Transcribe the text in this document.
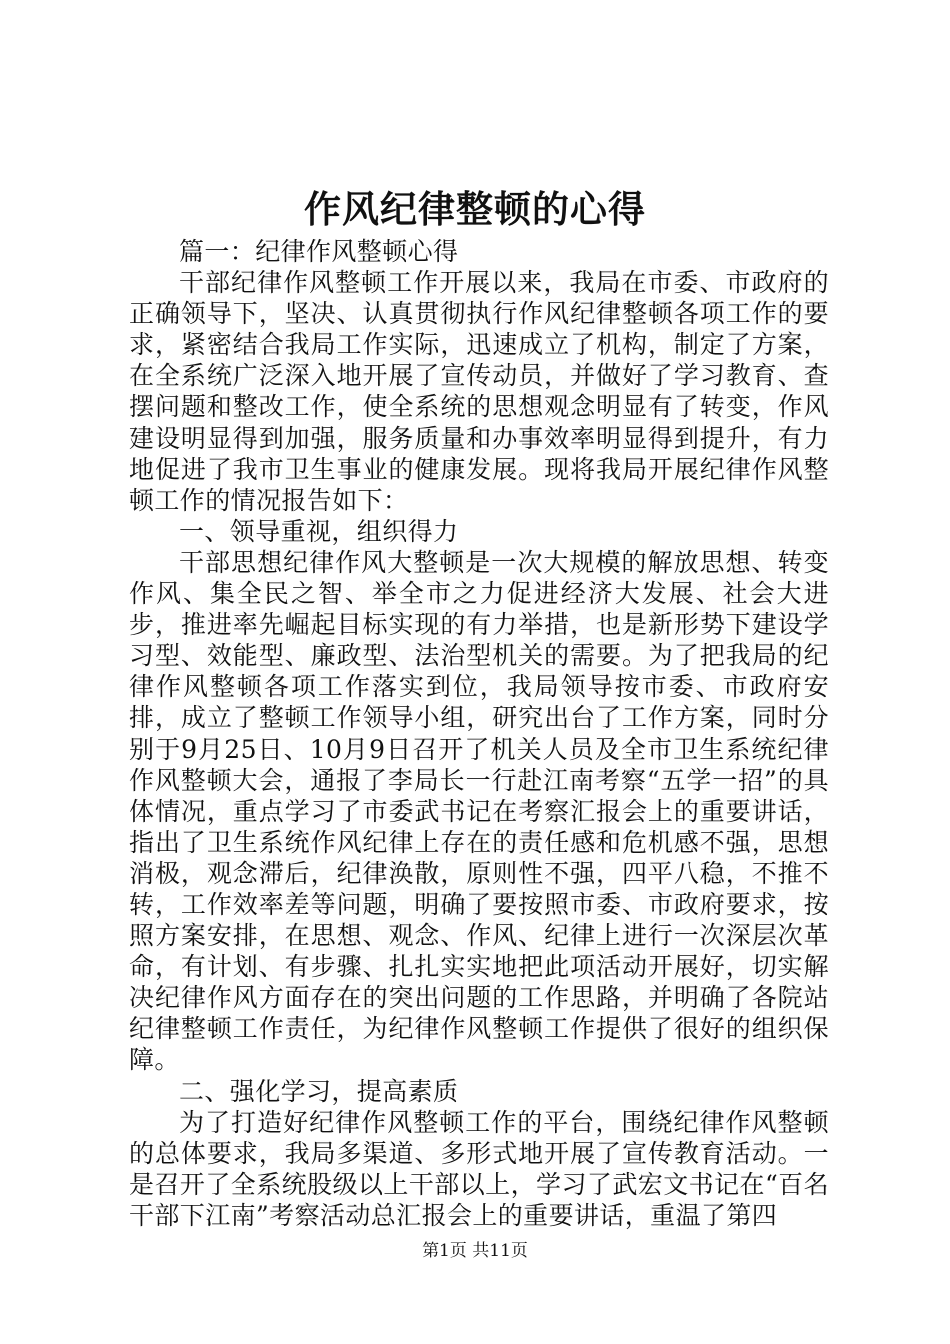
作风纪律整顿的心得

篇一：纪律作风整顿心得

干部纪律作风整顿工作开展以来，我局在市委、市政府的正确领导下，坚决、认真贯彻执行作风纪律整顿各项工作的要求，紧密结合我局工作实际，迅速成立了机构，制定了方案，在全系统广泛深入地开展了宣传动员，并做好了学习教育、查摆问题和整改工作，使全系统的思想观念明显有了转变，作风建设明显得到加强，服务质量和办事效率明显得到提升，有力地促进了我市卫生事业的健康发展。现将我局开展纪律作风整顿工作的情况报告如下：

一、领导重视，组织得力

干部思想纪律作风大整顿是一次大规模的解放思想、转变作风、集全民之智、举全市之力促进经济大发展、社会大进步，推进率先崛起目标实现的有力举措，也是新形势下建设学习型、效能型、廉政型、法治型机关的需要。为了把我局的纪律作风整顿各项工作落实到位，我局领导按市委、市政府安排，成立了整顿工作领导小组，研究出台了工作方案，同时分别于9月25日、10月9日召开了机关人员及全市卫生系统纪律作风整顿大会，通报了李局长一行赴江南考察“五学一招”的具体情况，重点学习了市委武书记在考察汇报会上的重要讲话，指出了卫生系统作风纪律上存在的责任感和危机感不强，思想消极，观念滞后，纪律涣散，原则性不强，四平八稳，不推不转，工作效率差等问题，明确了要按照市委、市政府要求，按照方案安排，在思想、观念、作风、纪律上进行一次深层次革命，有计划、有步骤、扎扎实实地把此项活动开展好，切实解决纪律作风方面存在的突出问题的工作思路，并明确了各院站纪律整顿工作责任，为纪律作风整顿工作提供了很好的组织保障。

二、强化学习，提高素质

为了打造好纪律作风整顿工作的平台，围绕纪律作风整顿的总体要求，我局多渠道、多形式地开展了宣传教育活动。一是召开了全系统股级以上干部以上，学习了武宏文书记在“百名干部下江南”考察活动总汇报会上的重要讲话，重温了第四

第1页 共11页
